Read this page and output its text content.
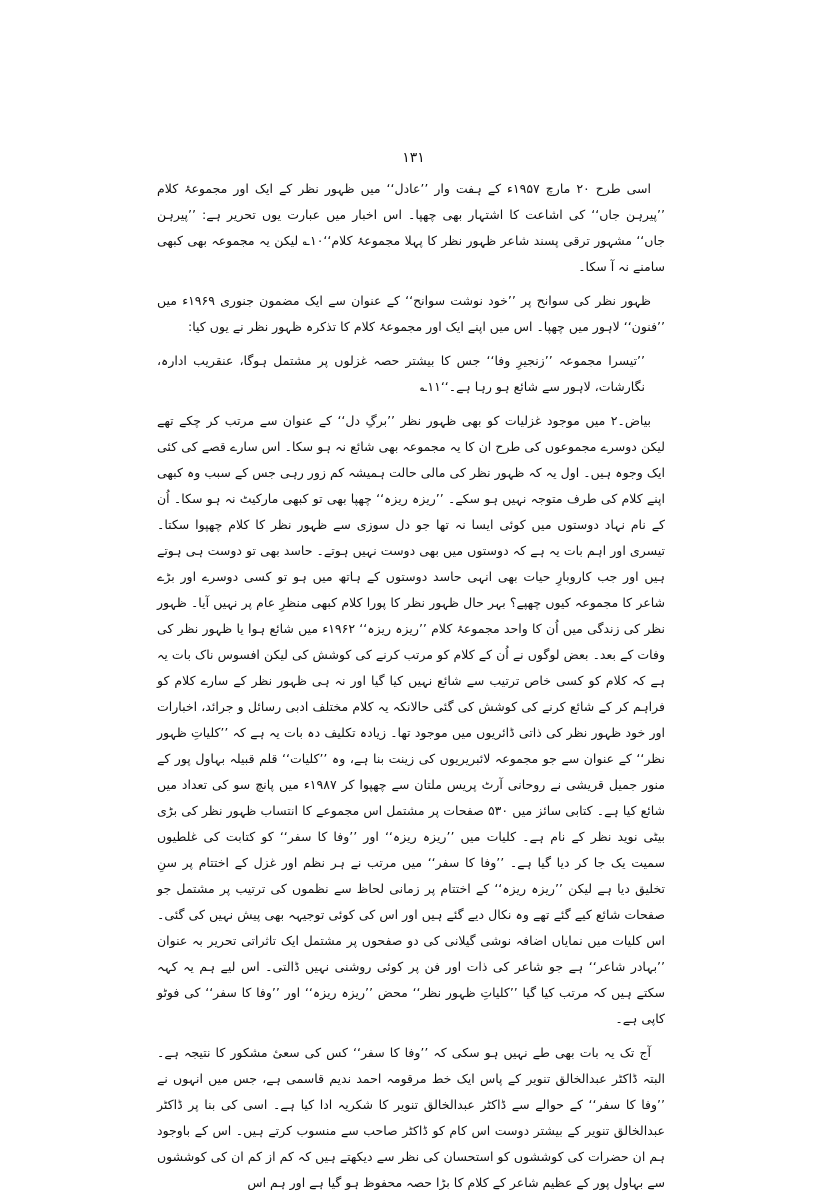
۱۳۱

اسی طرح ۲۰ مارچ ۱۹۵۷ء کے ہفت وار ’’عادل‘‘ میں ظہور نظر کے ایک اور مجموعۂ کلام ’’پیرہن جاں‘‘ کی اشاعت کا اشتہار بھی چھپا۔ اس اخبار میں عبارت یوں تحریر ہے: ’’پیرہن جاں‘‘ مشہور ترقی پسند شاعر ظہور نظر کا پہلا مجموعۂ کلام‘‘۱۰؎ لیکن یہ مجموعہ بھی کبھی سامنے نہ آ سکا۔

ظہور نظر کی سوانح پر ’’خود نوشت سوانح‘‘ کے عنوان سے ایک مضمون جنوری ۱۹۶۹ء میں ’’فنون‘‘ لاہور میں چھپا۔ اس میں اپنے ایک اور مجموعۂ کلام کا تذکرہ ظہور نظر نے یوں کیا:

’’تیسرا مجموعہ ’’زنجیرِ وفا‘‘ جس کا بیشتر حصہ غزلوں پر مشتمل ہوگا، عنقریب ادارہ، نگارشات، لاہور سے شائع ہو رہا ہے۔‘‘۱۱؎

بیاض۔۲ میں موجود غزلیات کو بھی ظہور نظر ’’برگِ دل‘‘ کے عنوان سے مرتب کر چکے تھے لیکن دوسرے مجموعوں کی طرح ان کا یہ مجموعہ بھی شائع نہ ہو سکا۔ اس سارے قصے کی کئی ایک وجوہ ہیں۔ اول یہ کہ ظہور نظر کی مالی حالت ہمیشہ کم زور رہی جس کے سبب وہ کبھی اپنے کلام کی طرف متوجہ نہیں ہو سکے۔ ’’ریزہ ریزہ‘‘ چھپا بھی تو کبھی مارکیٹ نہ ہو سکا۔ اُن کے نام نہاد دوستوں میں کوئی ایسا نہ تھا جو دل سوزی سے ظہور نظر کا کلام چھپوا سکتا۔ تیسری اور اہم بات یہ ہے کہ دوستوں میں بھی دوست نہیں ہوتے۔ حاسد بھی تو دوست ہی ہوتے ہیں اور جب کاروبارِ حیات بھی انہی حاسد دوستوں کے ہاتھ میں ہو تو کسی دوسرے اور بڑے شاعر کا مجموعہ کیوں چھپے؟ بہر حال ظہور نظر کا پورا کلام کبھی منظرِ عام پر نہیں آیا۔ ظہور نظر کی زندگی میں اُن کا واحد مجموعۂ کلام ’’ریزہ ریزہ‘‘ ۱۹۶۲ء میں شائع ہوا یا ظہور نظر کی وفات کے بعد۔ بعض لوگوں نے اُن کے کلام کو مرتب کرنے کی کوشش کی لیکن افسوس ناک بات یہ ہے کہ کلام کو کسی خاص ترتیب سے شائع نہیں کیا گیا اور نہ ہی ظہور نظر کے سارے کلام کو فراہم کر کے شائع کرنے کی کوشش کی گئی حالانکہ یہ کلام مختلف ادبی رسائل و جرائد، اخبارات اور خود ظہور نظر کی ذاتی ڈائریوں میں موجود تھا۔ زیادہ تکلیف دہ بات یہ ہے کہ ’’کلیاتِ ظہور نظر‘‘ کے عنوان سے جو مجموعہ لائبریریوں کی زینت بنا ہے، وہ ’’کلیات‘‘ قلم قبیلہ بہاول پور کے منور جمیل قریشی نے روحانی آرٹ پریس ملتان سے چھپوا کر ۱۹۸۷ء میں پانچ سو کی تعداد میں شائع کیا ہے۔ کتابی سائز میں ۵۳۰ صفحات پر مشتمل اس مجموعے کا انتساب ظہور نظر کی بڑی بیٹی نوید نظر کے نام ہے۔ کلیات میں ’’ریزہ ریزہ‘‘ اور ’’وفا کا سفر‘‘ کو کتابت کی غلطیوں سمیت یک جا کر دیا گیا ہے۔ ’’وفا کا سفر‘‘ میں مرتب نے ہر نظم اور غزل کے اختتام پر سنِ تخلیق دیا ہے لیکن ’’ریزہ ریزہ‘‘ کے اختتام پر زمانی لحاظ سے نظموں کی ترتیب پر مشتمل جو صفحات شائع کیے گئے تھے وہ نکال دیے گئے ہیں اور اس کی کوئی توجیہہ بھی پیش نہیں کی گئی۔ اس کلیات میں نمایاں اضافہ نوشی گیلانی کی دو صفحوں پر مشتمل ایک تاثراتی تحریر بہ عنوان ’’بہادر شاعر‘‘ ہے جو شاعر کی ذات اور فن پر کوئی روشنی نہیں ڈالتی۔ اس لیے ہم یہ کہہ سکتے ہیں کہ مرتب کیا گیا ’’کلیاتِ ظہور نظر‘‘ محض ’’ریزہ ریزہ‘‘ اور ’’وفا کا سفر‘‘ کی فوٹو کاپی ہے۔

آج تک یہ بات بھی طے نہیں ہو سکی کہ ’’وفا کا سفر‘‘ کس کی سعیٔ مشکور کا نتیجہ ہے۔ البتہ ڈاکٹر عبدالخالق تنویر کے پاس ایک خط مرقومہ احمد ندیم قاسمی ہے، جس میں انہوں نے ’’وفا کا سفر‘‘ کے حوالے سے ڈاکٹر عبدالخالق تنویر کا شکریہ ادا کیا ہے۔ اسی کی بنا پر ڈاکٹر عبدالخالق تنویر کے بیشتر دوست اس کام کو ڈاکٹر صاحب سے منسوب کرتے ہیں۔ اس کے باوجود ہم ان حضرات کی کوششوں کو استحسان کی نظر سے دیکھتے ہیں کہ کم از کم ان کی کوششوں سے بہاول پور کے عظیم شاعر کے کلام کا بڑا حصہ محفوظ ہو گیا ہے اور ہم اس
